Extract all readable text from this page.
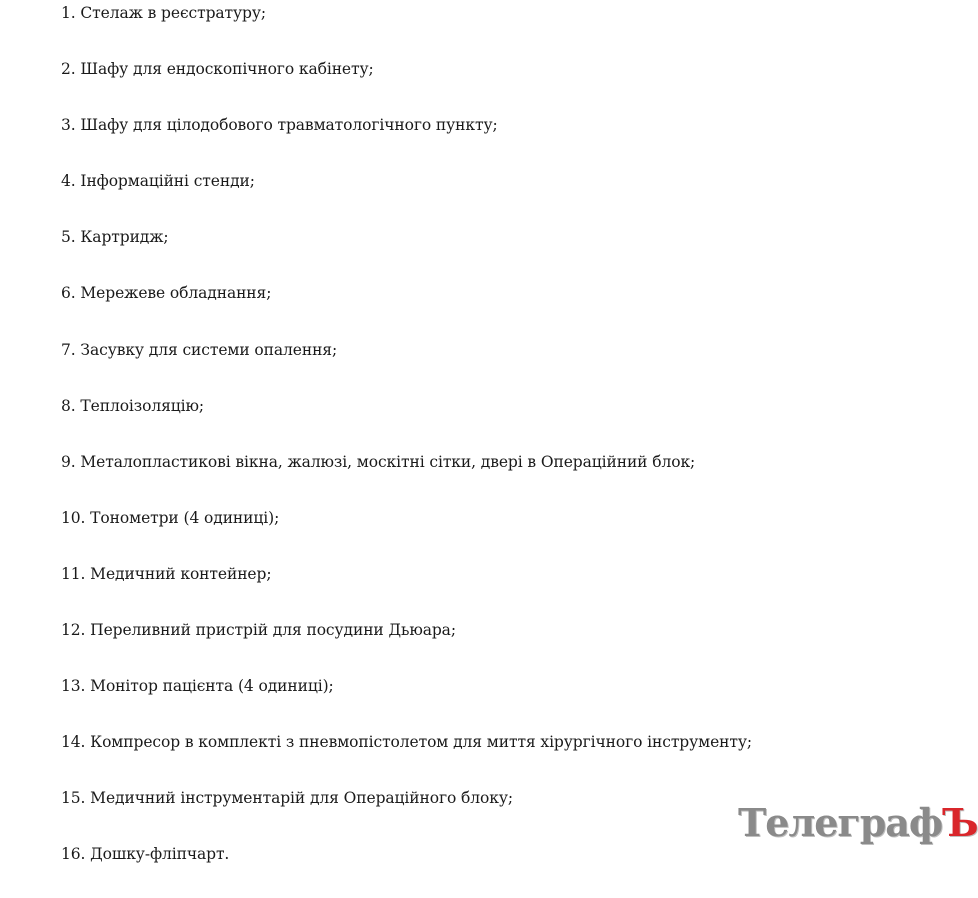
1. Стелаж в реєстратуру;

2. Шафу для ендоскопічного кабінету;

3. Шафу для цілодобового травматологічного пункту;

4. Інформаційні стенди;

5. Картридж;

6. Мережеве обладнання;

7. Засувку для системи опалення;

8. Теплоізоляцію;

9. Металопластикові вікна, жалюзі, москітні сітки, двері в Операційний блок;

10. Тонометри (4 одиниці);

11. Медичний контейнер;

12. Переливний пристрій для посудини Дьюара;

13. Монітор пацієнта (4 одиниці);

14. Компресор в комплекті з пневмопістолетом для миття хірургічного інструменту;

15. Медичний інструментарій для Операційного блоку;

16. Дошку-фліпчарт.

ТелеграфЪ
